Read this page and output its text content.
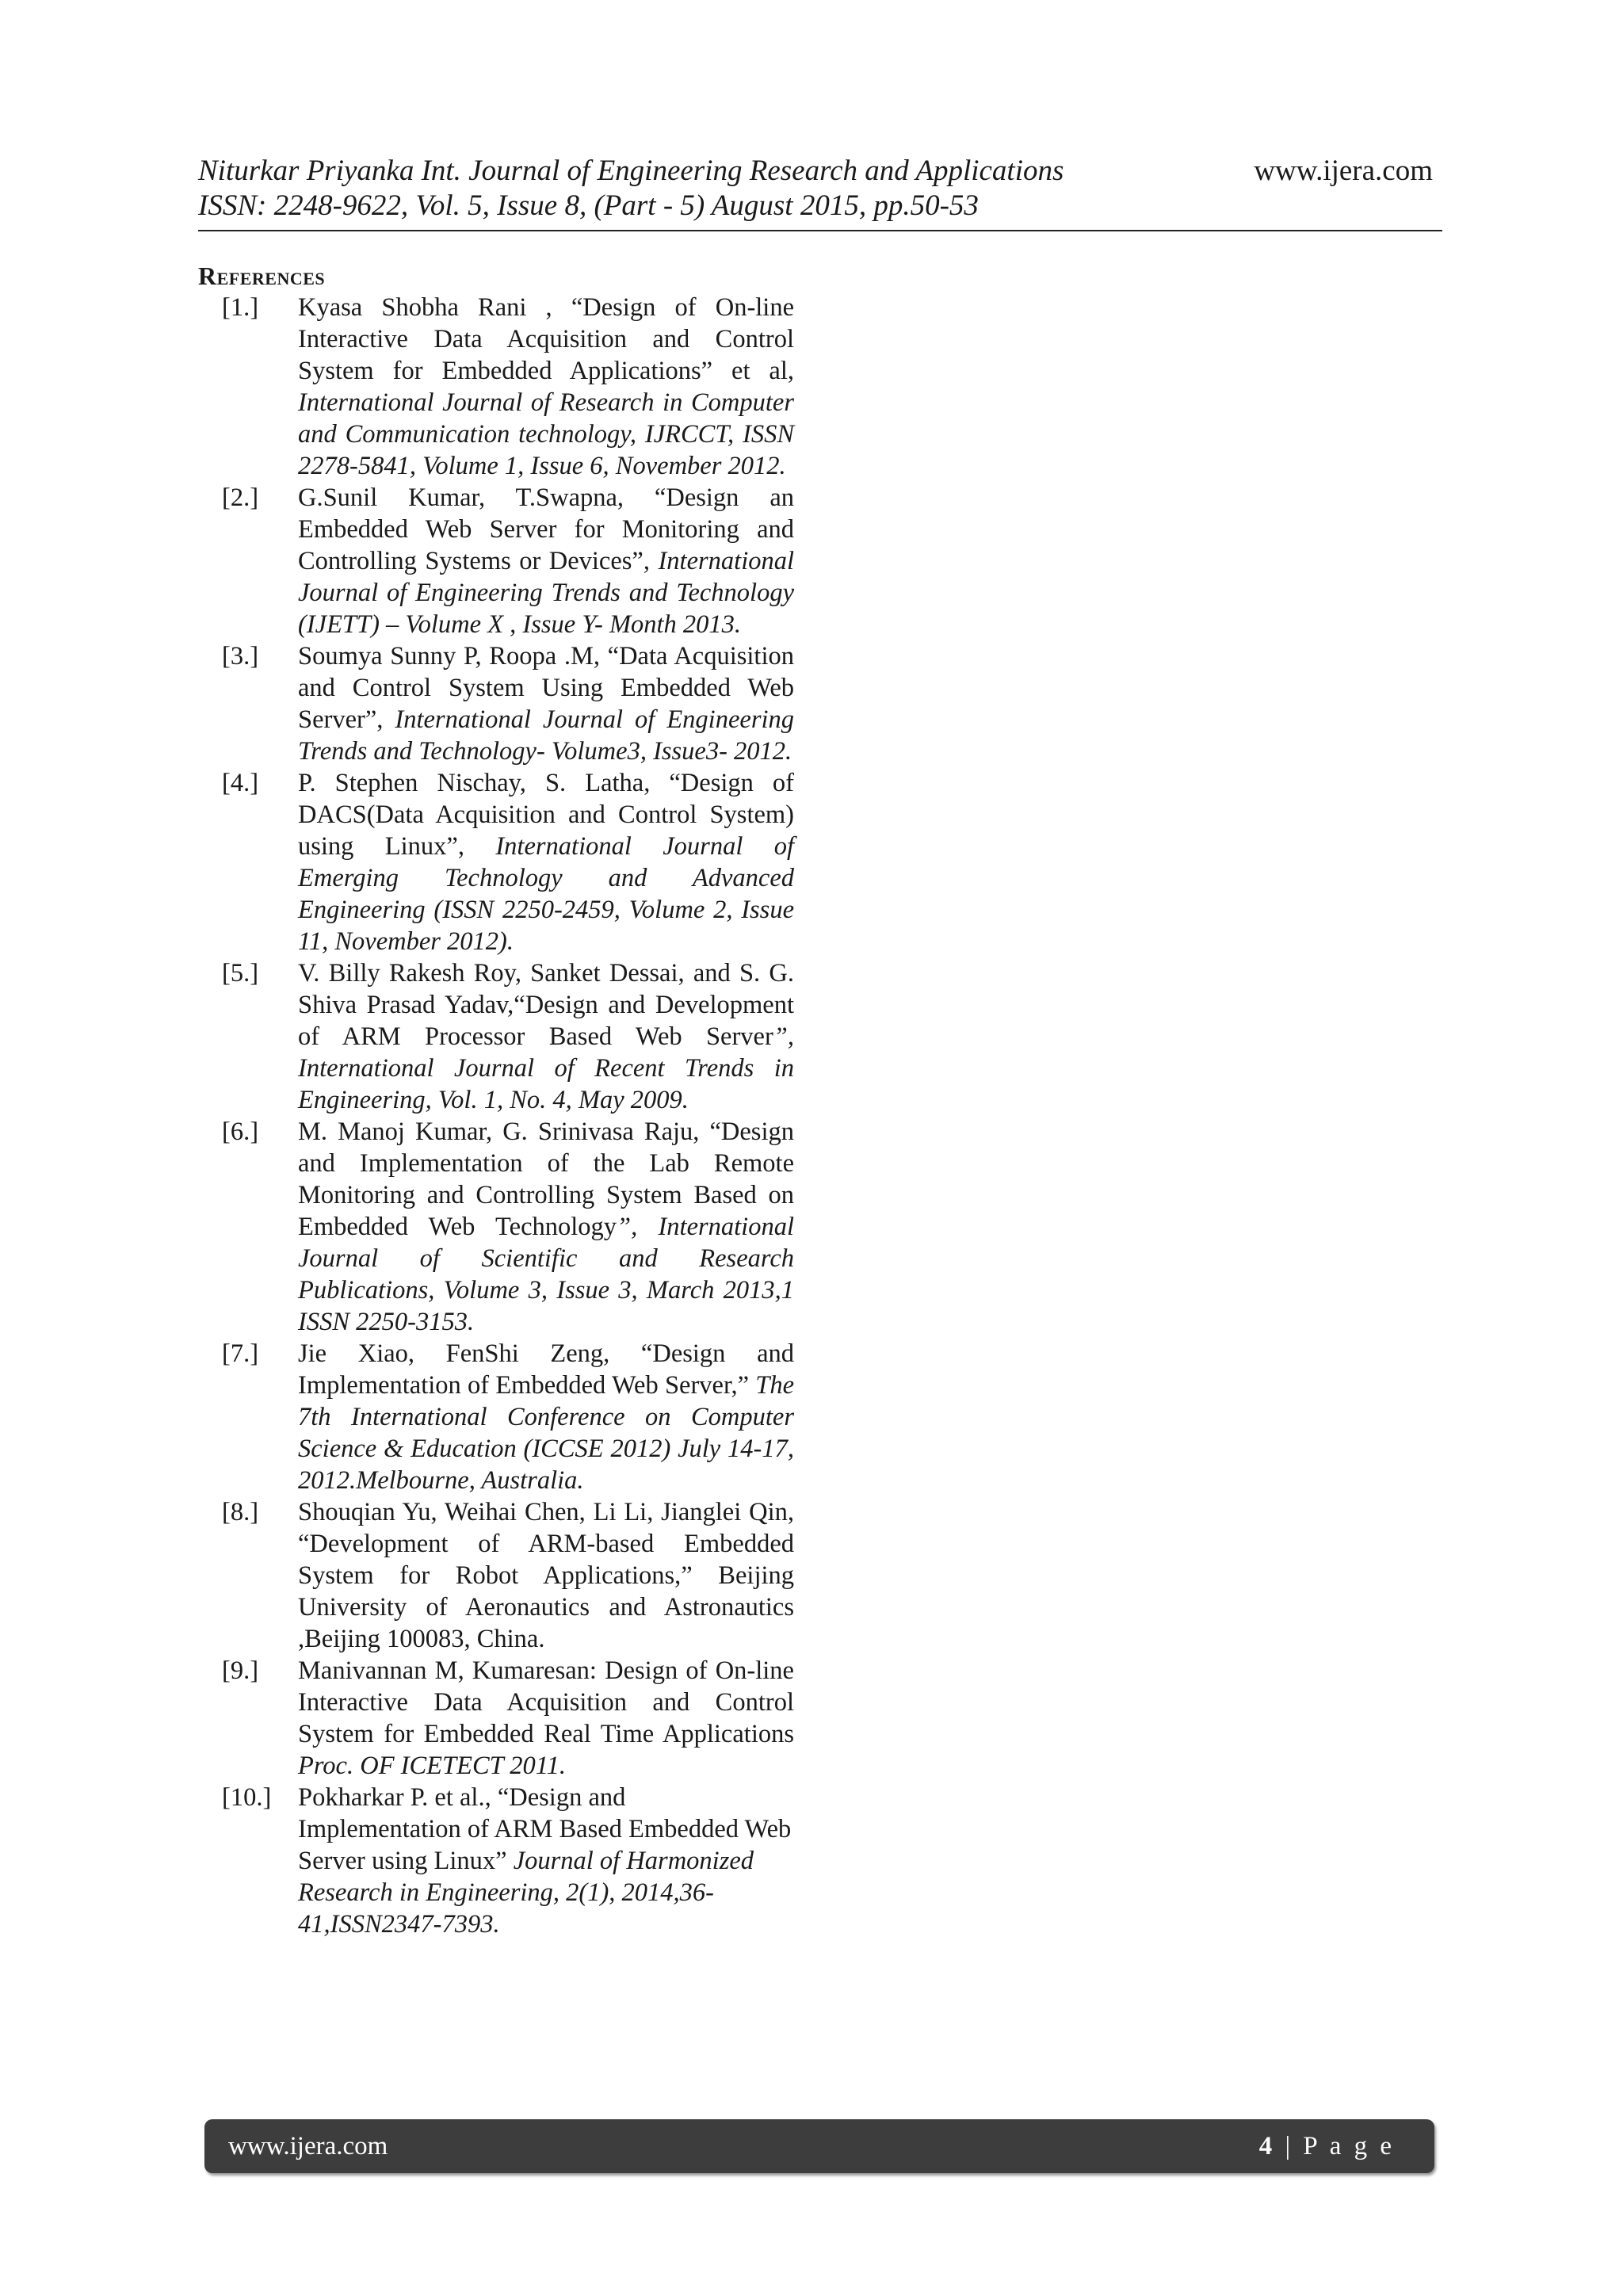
Niturkar Priyanka Int. Journal of Engineering Research and Applications
ISSN: 2248-9622, Vol. 5, Issue 8, (Part - 5) August 2015, pp.50-53
www.ijera.com
References
[1.] Kyasa Shobha Rani , “Design of On-line Interactive Data Acquisition and Control System for Embedded Applications” et al, International Journal of Research in Computer and Communication technology, IJRCCT, ISSN 2278-5841, Volume 1, Issue 6, November 2012.
[2.] G.Sunil Kumar, T.Swapna, “Design an Embedded Web Server for Monitoring and Controlling Systems or Devices”, International Journal of Engineering Trends and Technology (IJETT) – Volume X , Issue Y- Month 2013.
[3.] Soumya Sunny P, Roopa .M, “Data Acquisition and Control System Using Embedded Web Server”, International Journal of Engineering Trends and Technology- Volume3, Issue3- 2012.
[4.] P. Stephen Nischay, S. Latha, “Design of DACS(Data Acquisition and Control System) using Linux”, International Journal of Emerging Technology and Advanced Engineering (ISSN 2250-2459, Volume 2, Issue 11, November 2012).
[5.] V. Billy Rakesh Roy, Sanket Dessai, and S. G. Shiva Prasad Yadav,“Design and Development of ARM Processor Based Web Server”, International Journal of Recent Trends in Engineering, Vol. 1, No. 4, May 2009.
[6.] M. Manoj Kumar, G. Srinivasa Raju, “Design and Implementation of the Lab Remote Monitoring and Controlling System Based on Embedded Web Technology”, International Journal of Scientific and Research Publications, Volume 3, Issue 3, March 2013,1 ISSN 2250-3153.
[7.] Jie Xiao, FenShi Zeng, “Design and Implementation of Embedded Web Server,” The 7th International Conference on Computer Science & Education (ICCSE 2012) July 14-17, 2012.Melbourne, Australia.
[8.] Shouqian Yu, Weihai Chen, Li Li, Jianglei Qin, “Development of ARM-based Embedded System for Robot Applications,” Beijing University of Aeronautics and Astronautics ,Beijing 100083, China.
[9.] Manivannan M, Kumaresan: Design of On-line Interactive Data Acquisition and Control System for Embedded Real Time Applications Proc. OF ICETECT 2011.
[10.] Pokharkar P. et al., “Design and Implementation of ARM Based Embedded Web Server using Linux” Journal of Harmonized Research in Engineering, 2(1), 2014,36-41,ISSN2347-7393.
www.ijera.com	4 | P a g e
